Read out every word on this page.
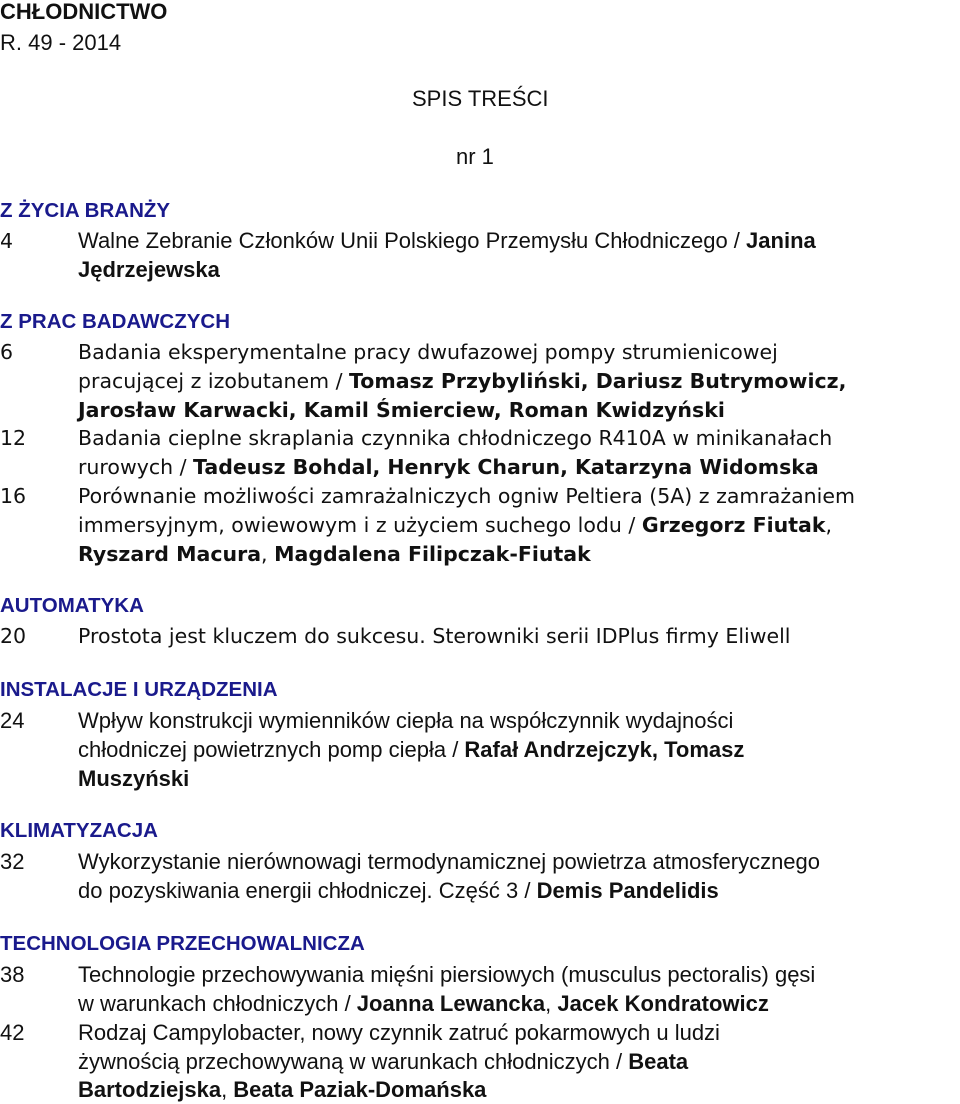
CHŁODNICTWO
R. 49 - 2014
SPIS TREŚCI
nr 1
Z ŻYCIA BRANŻY
4	Walne Zebranie Członków Unii Polskiego Przemysłu Chłodniczego / Janina
Jędrzejewska
Z PRAC BADAWCZYCH
6	Badania eksperymentalne pracy dwufazowej pompy strumienicowej
pracującej z izobutanem / Tomasz Przybyliński, Dariusz Butrymowicz,
Jarosław Karwacki, Kamil Śmierciew, Roman Kwidzyński
12	Badania cieplne skraplania czynnika chłodniczego R410A w minikanałach
rurowych / Tadeusz Bohdal, Henryk Charun, Katarzyna Widomska
16	Porównanie możliwości zamrażalniczych ogniw Peltiera (5A) z zamrażaniem
immersyjnym, owiewowym i z użyciem suchego lodu / Grzegorz Fiutak,
Ryszard Macura, Magdalena Filipczak-Fiutak
AUTOMATYKA
20	Prostota jest kluczem do sukcesu. Sterowniki serii IDPlus firmy Eliwell
INSTALACJE I URZĄDZENIA
24	Wpływ konstrukcji wymienników ciepła na współczynnik wydajności
chłodniczej powietrznych pomp ciepła / Rafał Andrzejczyk, Tomasz
Muszyński
KLIMATYZACJA
32	Wykorzystanie nierównowagi termodynamicznej powietrza atmosferycznego
do pozyskiwania energii chłodniczej. Część 3 / Demis Pandelidis
TECHNOLOGIA PRZECHOWALNICZA
38	Technologie przechowywania mięśni piersiowych (musculus pectoralis) gęsi
w warunkach chłodniczych / Joanna Lewancka, Jacek Kondratowicz
42	Rodzaj Campylobacter, nowy czynnik zatruć pokarmowych u ludzi
żywnością przechowywaną w warunkach chłodniczych / Beata
Bartodziejska, Beata Paziak-Domańska
